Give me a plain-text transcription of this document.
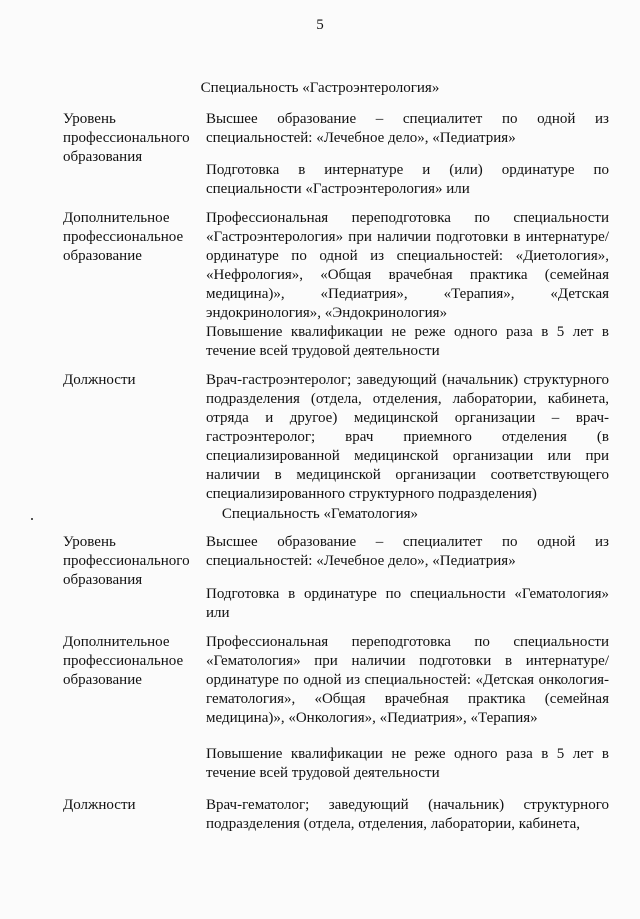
5
Специальность «Гастроэнтерология»
Уровень профессионального образования
Высшее образование – специалитет по одной из специальностей: «Лечебное дело», «Педиатрия»
Подготовка в интернатуре и (или) ординатуре по специальности «Гастроэнтерология» или
Дополнительное профессиональное образование
Профессиональная переподготовка по специальности «Гастроэнтерология» при наличии подготовки в интернатуре/ординатуре по одной из специальностей: «Диетология», «Нефрология», «Общая врачебная практика (семейная медицина)», «Педиатрия», «Терапия», «Детская эндокринология», «Эндокринология»
Повышение квалификации не реже одного раза в 5 лет в течение всей трудовой деятельности
Должности	Врач-гастроэнтеролог; заведующий (начальник) структурного подразделения (отдела, отделения, лаборатории, кабинета, отряда и другое) медицинской организации – врач-гастроэнтеролог; врач приемного отделения (в специализированной медицинской организации или при наличии в медицинской организации соответствующего специализированного структурного подразделения)
Специальность «Гематология»
Уровень профессионального образования
Высшее образование – специалитет по одной из специальностей: «Лечебное дело», «Педиатрия»
Подготовка в ординатуре по специальности «Гематология» или
Дополнительное профессиональное образование
Профессиональная переподготовка по специальности «Гематология» при наличии подготовки в интернатуре/ординатуре по одной из специальностей: «Детская онкология-гематология», «Общая врачебная практика (семейная медицина)», «Онкология», «Педиатрия», «Терапия»
Повышение квалификации не реже одного раза в 5 лет в течение всей трудовой деятельности
Должности	Врач-гематолог; заведующий (начальник) структурного подразделения (отдела, отделения, лаборатории, кабинета,
